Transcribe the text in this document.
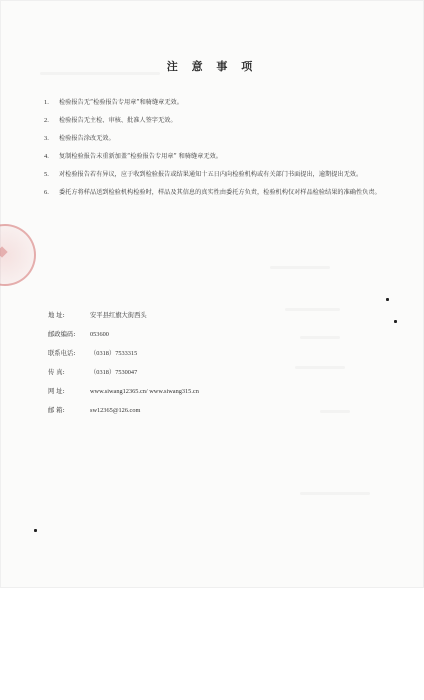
注 意 事 项
1. 检验报告无“检验报告专用章”和骑缝章无效。
2. 检验报告无主检、审核、批准人签字无效。
3. 检验报告涂改无效。
4. 复制检验报告未重新加盖“检验报告专用章” 和骑缝章无效。
5. 对检验报告若有异议，应于收到检验报告或结果通知十五日内向检验机构或有关部门书面提出，逾期提出无效。
6. 委托方将样品送到检验机构检验时，样品及其信息的真实性由委托方负责，检验机构仅对样品检验结果的准确性负责。
地 址:	安平县红旗大街西头
邮政编码:	053600
联系电话:	（0318）7533315
传 真:	（0318）7530047
网 址:	www.siwang12365.cn/ www.siwang315.cn
邮 箱:	sw12365@126.com
